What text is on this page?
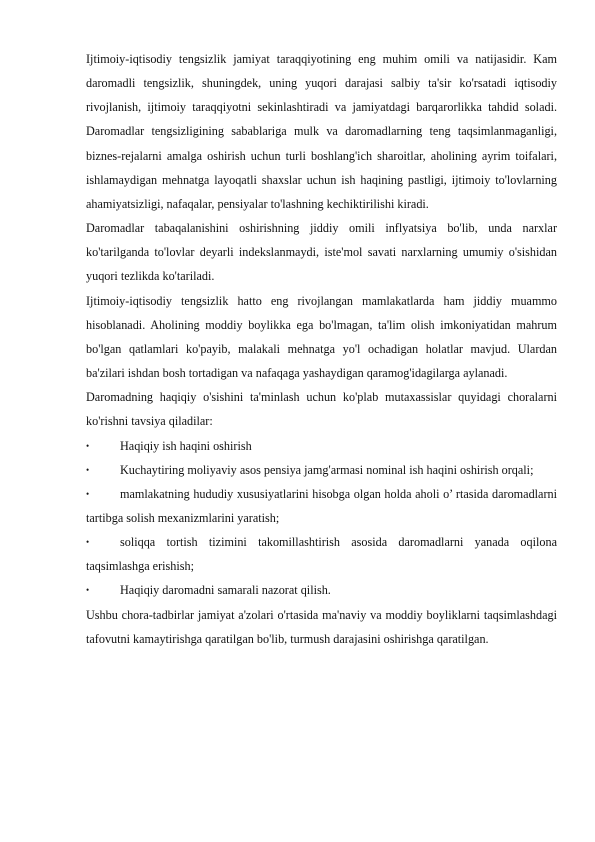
Ijtimoiy-iqtisodiy tengsizlik jamiyat taraqqiyotining eng muhim omili va natijasidir. Kam daromadli tengsizlik, shuningdek, uning yuqori darajasi salbiy ta'sir ko'rsatadi iqtisodiy rivojlanish, ijtimoiy taraqqiyotni sekinlashtiradi va jamiyatdagi barqarorlikka tahdid soladi. Daromadlar tengsizligining sabablariga mulk va daromadlarning teng taqsimlanmaganligi, biznes-rejalarni amalga oshirish uchun turli boshlang'ich sharoitlar, aholining ayrim toifalari, ishlamaydigan mehnatga layoqatli shaxslar uchun ish haqining pastligi, ijtimoiy to'lovlarning ahamiyatsizligi, nafaqalar, pensiyalar to'lashning kechiktirilishi kiradi.

Daromadlar tabaqalanishini oshirishning jiddiy omili inflyatsiya bo'lib, unda narxlar ko'tarilganda to'lovlar deyarli indekslanmaydi, iste'mol savati narxlarning umumiy o'sishidan yuqori tezlikda ko'tariladi.

Ijtimoiy-iqtisodiy tengsizlik hatto eng rivojlangan mamlakatlarda ham jiddiy muammo hisoblanadi. Aholining moddiy boylikka ega bo'lmagan, ta'lim olish imkoniyatidan mahrum bo'lgan qatlamlari ko'payib, malakali mehnatga yo'l ochadigan holatlar mavjud. Ulardan ba'zilari ishdan bosh tortadigan va nafaqaga yashaydigan qaramog'idagilarga aylanadi.

Daromadning haqiqiy o'sishini ta'minlash uchun ko'plab mutaxassislar quyidagi choralarni ko'rishni tavsiya qiladilar:

•	Haqiqiy ish haqini oshirish
•	Kuchaytiring moliyaviy asos pensiya jamg'armasi nominal ish haqini oshirish orqali;
•	mamlakatning hududiy xususiyatlarini hisobga olgan holda aholi o’ rtasida daromadlarni tartibga solish mexanizmlarini yaratish;
•	soliqqa tortish tizimini takomillashtirish asosida daromadlarni yanada oqilona taqsimlashga erishish;
•	Haqiqiy daromadni samarali nazorat qilish.

Ushbu chora-tadbirlar jamiyat a'zolari o'rtasida ma'naviy va moddiy boyliklarni taqsimlashdagi tafovutni kamaytirishga qaratilgan bo'lib, turmush darajasini oshirishga qaratilgan.
